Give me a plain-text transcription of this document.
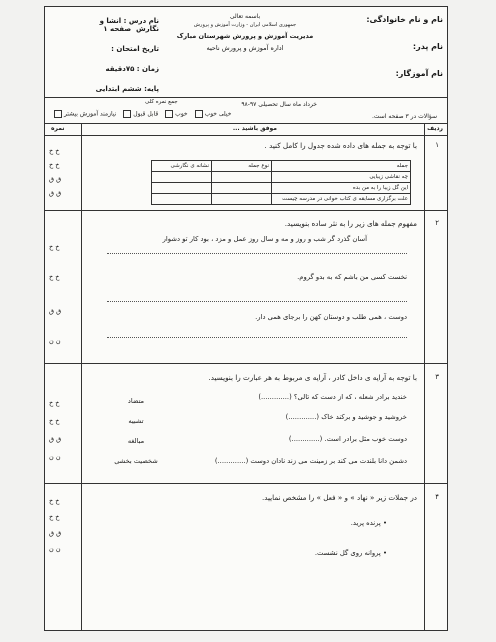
نام و نام خانوادگی:
نام پدر:
نام آموزگار:
باسمه تعالی
جمهوری اسلامی ایران - وزارت آموزش و پرورش
مدیریت آموزش و پرورش شهرستان مبارک
اداره آموزش و پرورش ناحیه
نام درس : انشا و نگارش  صفحه ۱
تاریخ امتحان :
زمان : ۷۵دقیقه
پایه: ششم ابتدایی
جمع نمره کلی
خیلی خوب خوب قابل قبول نیازمند آموزش بیشتر
خرداد ماه سال تحصیلی ۹۷-۹۸
سؤالات در ۳ صفحه است.
ردیف
موفق باشید ...
نمره
۱
با توجه به جمله های داده شده جدول را کامل کنید .
جمله	نوع جمله	نشانه ی نگارشی
چه نقاشی زیبایی		
این گل زیبا را به من بده		
علت برگزاری مسابقه ی کتاب خوانی در مدرسه چیست		
خ خ
خ خ
ق ق
ق ق
۲
مفهوم جمله های زیر را به نثر ساده بنویسید.
آسان گذرد گر شب و روز و مه و سال روز عمل و مزد ، بود کار تو دشوار
نخست کسی من باشم که به بدو گروم.
دوست ، همی طلب و دوستان کهن را برجای همی دار.
خ خ
خ خ
ق ق
ن ن
۳
با توجه به آرایه ی داخل کادر ، آرایه ی مربوط به هر عبارت را بنویسید.
خندید برادر شعله ، که از دست که تالی؟ (.............)
خروشید و جوشید و برکند خاک (.............)
دوست خوب مثل برادر است. (.............)
دشمن دانا بلندت می کند بر زمینت می زند نادان دوست (.............)
متضاد
تشبیه
مبالغه
شخصیت بخشی
خ خ
خ خ
ق ق
ن ن
۴
در جملات زیر « نهاد » و « فعل » را مشخص نمایید.
• پرنده پرید.
• پروانه روی گل نشست.
خ خ
خ خ
ق ق
ن ن
